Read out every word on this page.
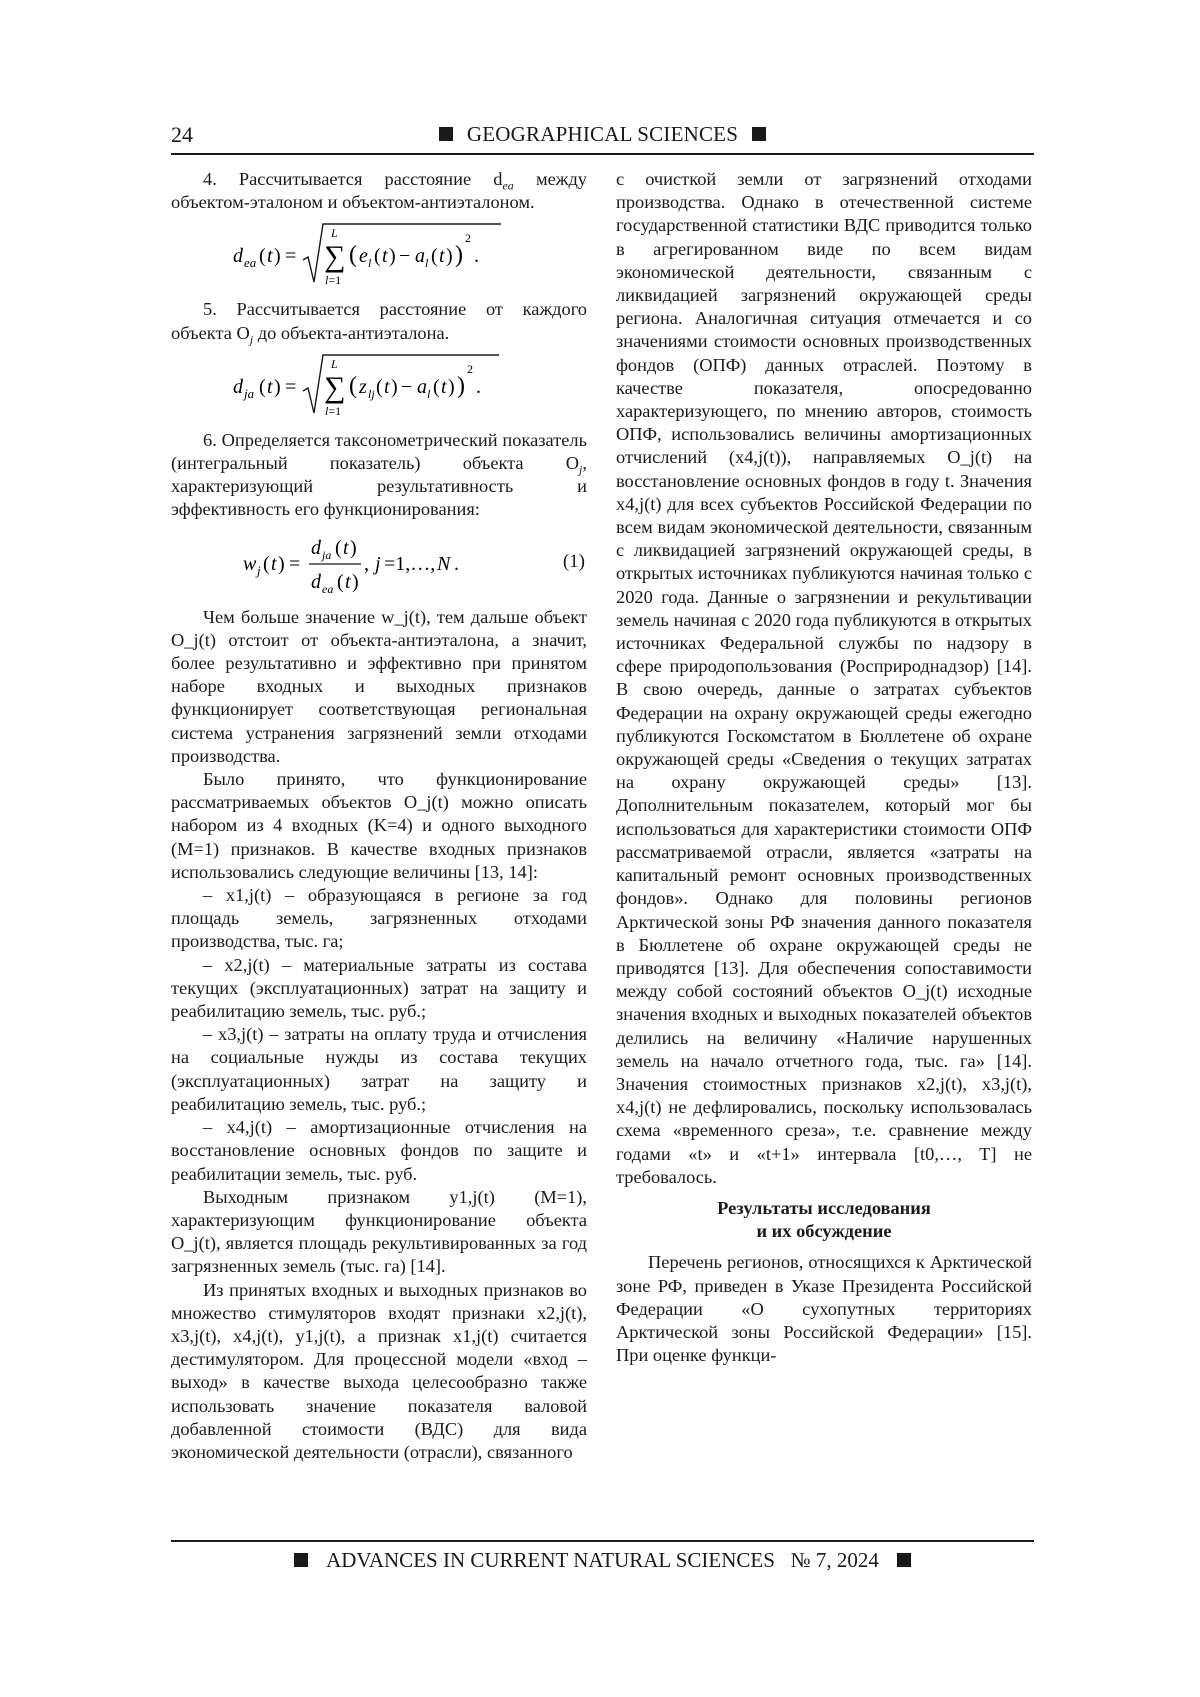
24	GEOGRAPHICAL SCIENCES

4. Рассчитывается расстояние dea между объектом-эталоном и объектом-антиэталоном.

d ea ( t ) = ∑
L
l=1
( e l ( t ) − a l ( t ) )
2
.

5. Рассчитывается расстояние от каждого объекта Oj до объекта-антиэталона.

d ja ( t ) = ∑
L
l=1
( z lj ( t ) − a l ( t ) )
2
.

6. Определяется таксонометрический показатель (интегральный показатель) объекта Oj, характеризующий результативность и эффективность его функционирования:

w j ( t ) =
d ja ( t )
d ea ( t )
, j =1,…, N .	(1)

Чем больше значение w_j(t), тем дальше объект O_j(t) отстоит от объекта-антиэталона, а значит, более результативно и эффективно при принятом наборе входных и выходных признаков функционирует соответствующая региональная система устранения загрязнений земли отходами производства.

Было принято, что функционирование рассматриваемых объектов O_j(t) можно описать набором из 4 входных (K=4) и одного выходного (M=1) признаков. В качестве входных признаков использовались следующие величины [13, 14]:

– x1,j(t) – образующаяся в регионе за год площадь земель, загрязненных отходами производства, тыс. га;

– x2,j(t) – материальные затраты из состава текущих (эксплуатационных) затрат на защиту и реабилитацию земель, тыс. руб.;

– x3,j(t) – затраты на оплату труда и отчисления на социальные нужды из состава текущих (эксплуатационных) затрат на защиту и реабилитацию земель, тыс. руб.;

– x4,j(t) – амортизационные отчисления на восстановление основных фондов по защите и реабилитации земель, тыс. руб.

Выходным признаком y1,j(t) (M=1), характеризующим функционирование объекта O_j(t), является площадь рекультивированных за год загрязненных земель (тыс. га) [14].

Из принятых входных и выходных признаков во множество стимуляторов входят признаки x2,j(t), x3,j(t), x4,j(t), y1,j(t), а признак x1,j(t) считается дестимулятором. Для процессной модели «вход – выход» в качестве выхода целесообразно также использовать значение показателя валовой добавленной стоимости (ВДС) для вида экономической деятельности (отрасли), связанного

с очисткой земли от загрязнений отходами производства. Однако в отечественной системе государственной статистики ВДС приводится только в агрегированном виде по всем видам экономической деятельности, связанным с ликвидацией загрязнений окружающей среды региона. Аналогичная ситуация отмечается и со значениями стоимости основных производственных фондов (ОПФ) данных отраслей. Поэтому в качестве показателя, опосредованно характеризующего, по мнению авторов, стоимость ОПФ, использовались величины амортизационных отчислений (x4,j(t)), направляемых O_j(t) на восстановление основных фондов в году t. Значения x4,j(t) для всех субъектов Российской Федерации по всем видам экономической деятельности, связанным с ликвидацией загрязнений окружающей среды, в открытых источниках публикуются начиная только с 2020 года. Данные о загрязнении и рекультивации земель начиная с 2020 года публикуются в открытых источниках Федеральной службы по надзору в сфере природопользования (Росприроднадзор) [14]. В свою очередь, данные о затратах субъектов Федерации на охрану окружающей среды ежегодно публикуются Госкомстатом в Бюллетене об охране окружающей среды «Сведения о текущих затратах на охрану окружающей среды» [13]. Дополнительным показателем, который мог бы использоваться для характеристики стоимости ОПФ рассматриваемой отрасли, является «затраты на капитальный ремонт основных производственных фондов». Однако для половины регионов Арктической зоны РФ значения данного показателя в Бюллетене об охране окружающей среды не приводятся [13]. Для обеспечения сопоставимости между собой состояний объектов O_j(t) исходные значения входных и выходных показателей объектов делились на величину «Наличие нарушенных земель на начало отчетного года, тыс. га» [14]. Значения стоимостных признаков x2,j(t), x3,j(t), x4,j(t) не дефлировались, поскольку использовалась схема «временного среза», т.е. сравнение между годами «t» и «t+1» интервала [t0,…, T] не требовалось.

Результаты исследования
и их обсуждение

Перечень регионов, относящихся к Арктической зоне РФ, приведен в Указе Президента Российской Федерации «О сухопутных территориях Арктической зоны Российской Федерации» [15]. При оценке функци-

ADVANCES IN CURRENT NATURAL SCIENCES № 7, 2024
